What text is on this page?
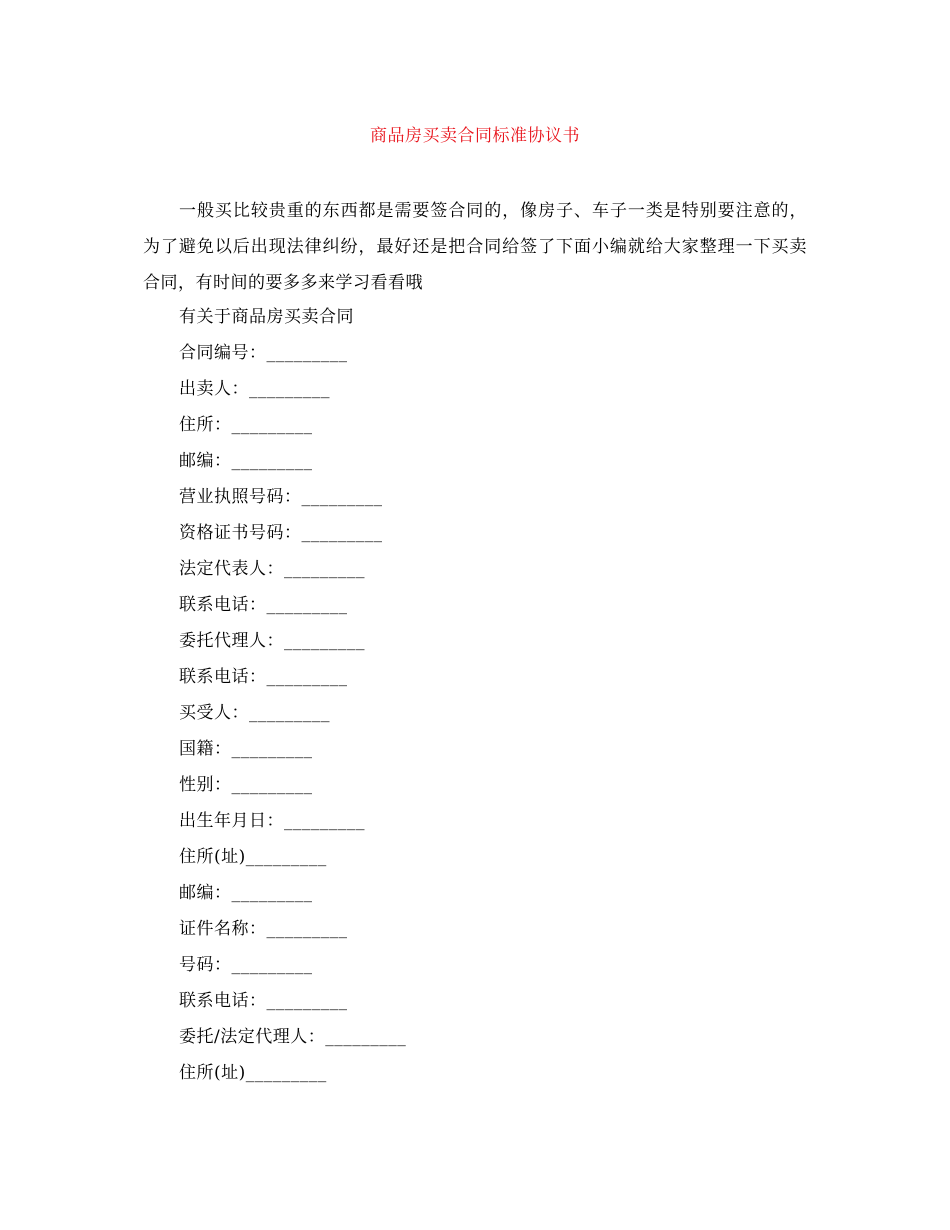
商品房买卖合同标准协议书
一般买比较贵重的东西都是需要签合同的，像房子、车子一类是特别要注意的，为了避免以后出现法律纠纷，最好还是把合同给签了下面小编就给大家整理一下买卖合同，有时间的要多多来学习看看哦
有关于商品房买卖合同
合同编号：_________
出卖人：_________
住所：_________
邮编：_________
营业执照号码：_________
资格证书号码：_________
法定代表人：_________
联系电话：_________
委托代理人：_________
联系电话：_________
买受人：_________
国籍：_________
性别：_________
出生年月日：_________
住所(址)_________
邮编：_________
证件名称：_________
号码：_________
联系电话：_________
委托/法定代理人：_________
住所(址)_________
